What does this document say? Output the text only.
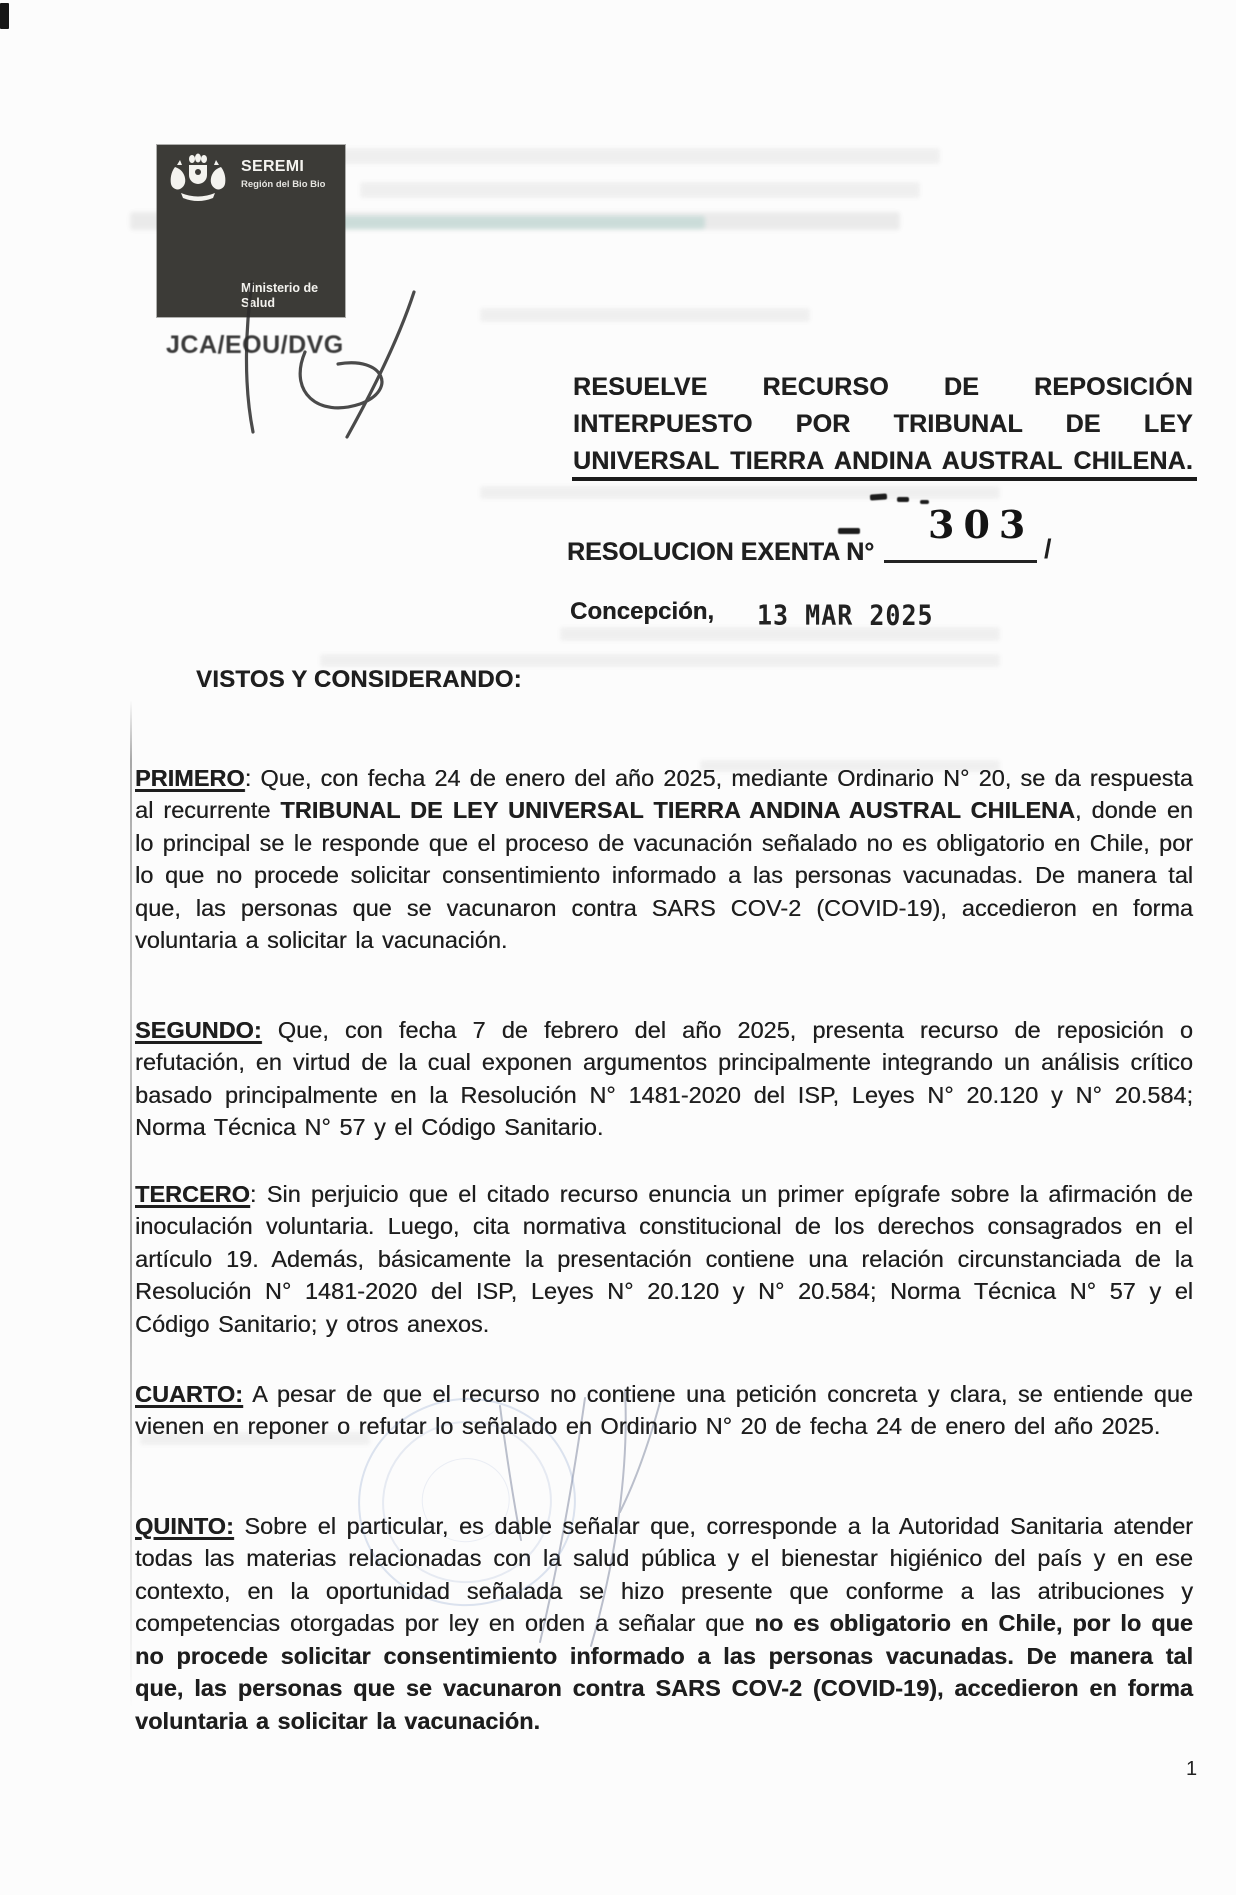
SEREMI
Región del Bio Bio
Ministerio de Salud
JCA/EOU/DVG
RESUELVE RECURSO DE REPOSICIÓN
INTERPUESTO POR TRIBUNAL DE LEY
UNIVERSAL TIERRA ANDINA AUSTRAL CHILENA.
RESOLUCION EXENTA N°
303
/
Concepción, 13 MAR 2025
VISTOS Y CONSIDERANDO:

PRIMERO: Que, con fecha 24 de enero del año 2025, mediante Ordinario N° 20, se da respuesta al recurrente TRIBUNAL DE LEY UNIVERSAL TIERRA ANDINA AUSTRAL CHILENA, donde en lo principal se le responde que el proceso de vacunación señalado no es obligatorio en Chile, por lo que no procede solicitar consentimiento informado a las personas vacunadas. De manera tal que, las personas que se vacunaron contra SARS COV-2 (COVID-19), accedieron en forma voluntaria a solicitar la vacunación.

SEGUNDO: Que, con fecha 7 de febrero del año 2025, presenta recurso de reposición o refutación, en virtud de la cual exponen argumentos principalmente integrando un análisis crítico basado principalmente en la Resolución N° 1481-2020 del ISP, Leyes N° 20.120 y N° 20.584; Norma Técnica N° 57 y el Código Sanitario.

TERCERO: Sin perjuicio que el citado recurso enuncia un primer epígrafe sobre la afirmación de inoculación voluntaria. Luego, cita normativa constitucional de los derechos consagrados en el artículo 19. Además, básicamente la presentación contiene una relación circunstanciada de la Resolución N° 1481-2020 del ISP, Leyes N° 20.120 y N° 20.584; Norma Técnica N° 57 y el Código Sanitario; y otros anexos.

CUARTO: A pesar de que el recurso no contiene una petición concreta y clara, se entiende que vienen en reponer o refutar lo señalado en Ordinario N° 20 de fecha 24 de enero del año 2025.

QUINTO: Sobre el particular, es dable señalar que, corresponde a la Autoridad Sanitaria atender todas las materias relacionadas con la salud pública y el bienestar higiénico del país y en ese contexto, en la oportunidad señalada se hizo presente que conforme a las atribuciones y competencias otorgadas por ley en orden a señalar que no es obligatorio en Chile, por lo que no procede solicitar consentimiento informado a las personas vacunadas. De manera tal que, las personas que se vacunaron contra SARS COV-2 (COVID-19), accedieron en forma voluntaria a solicitar la vacunación.

1
